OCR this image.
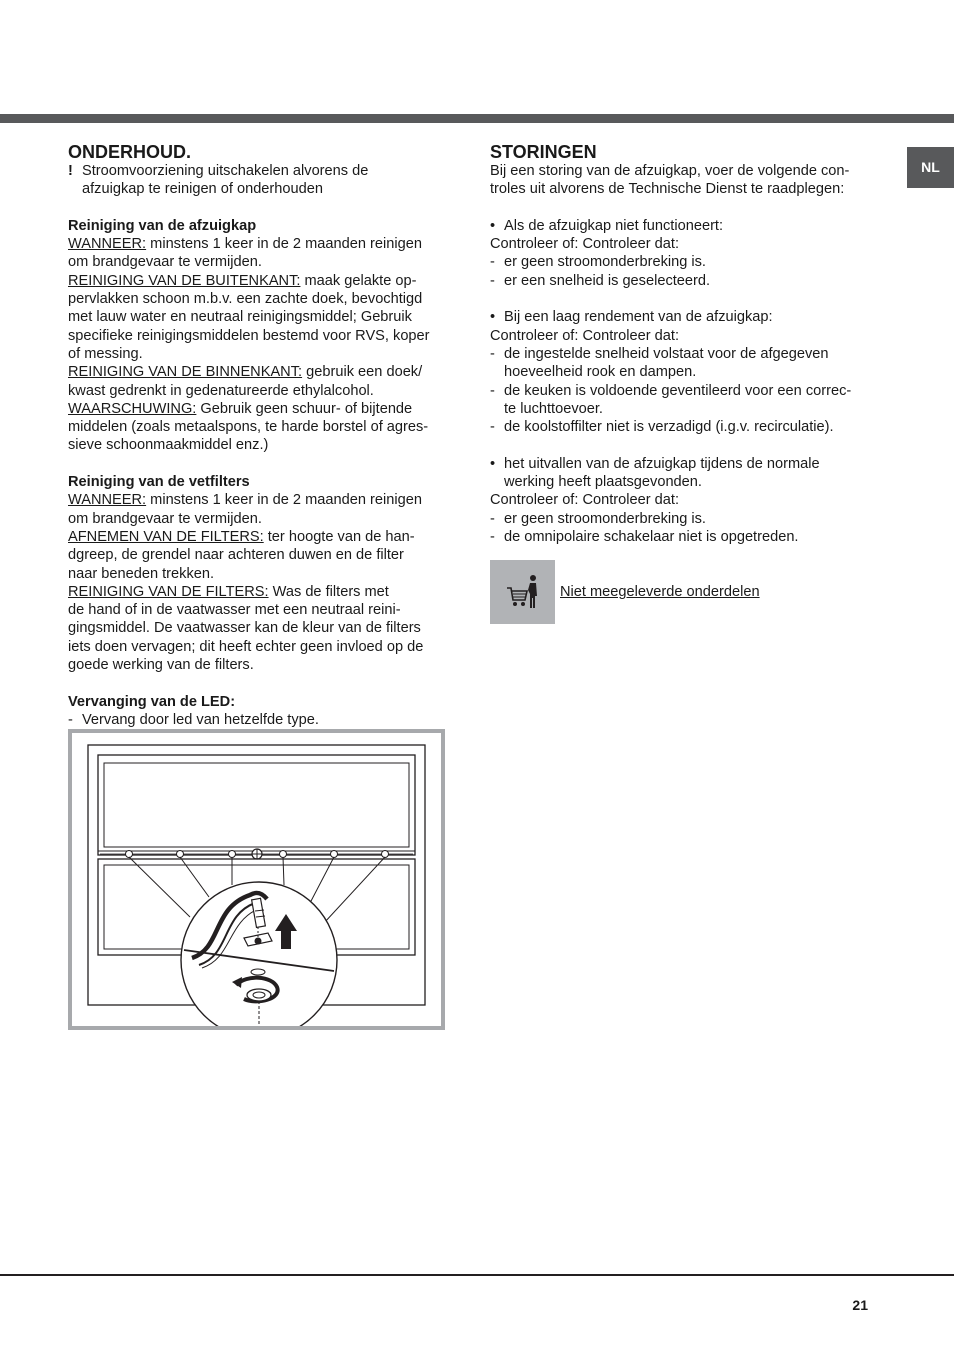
NL
ONDERHOUD.
! Stroomvoorziening uitschakelen alvorens de

afzuigkap te reinigen of onderhouden

Reiniging van de afzuigkap

WANNEER: minstens 1 keer in de 2 maanden reinigen

om brandgevaar te vermijden.

REINIGING VAN DE BUITENKANT: maak gelakte op-

pervlakken schoon m.b.v. een zachte doek, bevochtigd

met lauw water en neutraal reinigingsmiddel; Gebruik

specifieke reinigingsmiddelen bestemd voor RVS, koper

of messing.

REINIGING VAN DE BINNENKANT: gebruik een doek/

kwast gedrenkt in gedenatureerde ethylalcohol.

WAARSCHUWING: Gebruik geen schuur- of bijtende

middelen (zoals metaalspons, te harde borstel of agres-

sieve schoonmaakmiddel enz.)

Reiniging van de vetfilters

WANNEER: minstens 1 keer in de 2 maanden reinigen

om brandgevaar te vermijden.

AFNEMEN VAN DE FILTERS: ter hoogte van de han-

dgreep, de grendel naar achteren duwen en de filter

naar beneden trekken.

REINIGING VAN DE FILTERS: Was de filters met

de hand of in de vaatwasser met een neutraal reini-

gingsmiddel. De vaatwasser kan de kleur van de filters

iets doen vervagen; dit heeft echter geen invloed op de

goede werking van de filters.

Vervanging van de LED:

- Vervang door led van hetzelfde type.
STORINGEN

Bij een storing van de afzuigkap, voer de volgende con-

troles uit alvorens de Technische Dienst te raadplegen:

• Als de afzuigkap niet functioneert:

Controleer of: Controleer dat:

- er geen stroomonderbreking is.
- er een snelheid is geselecteerd.
• Bij een laag rendement van de afzuigkap:

Controleer of: Controleer dat:

- de ingestelde snelheid volstaat voor de afgegeven

hoeveelheid rook en dampen.

- de keuken is voldoende geventileerd voor een correc-

te luchttoevoer.

- de koolstoffilter niet is verzadigd (i.g.v. recirculatie).

• het uitvallen van de afzuigkap tijdens de normale

werking heeft plaatsgevonden.

Controleer of: Controleer dat:

- er geen stroomonderbreking is.
- de omnipolaire schakelaar niet is opgetreden.
Niet meegeleverde onderdelen
21
